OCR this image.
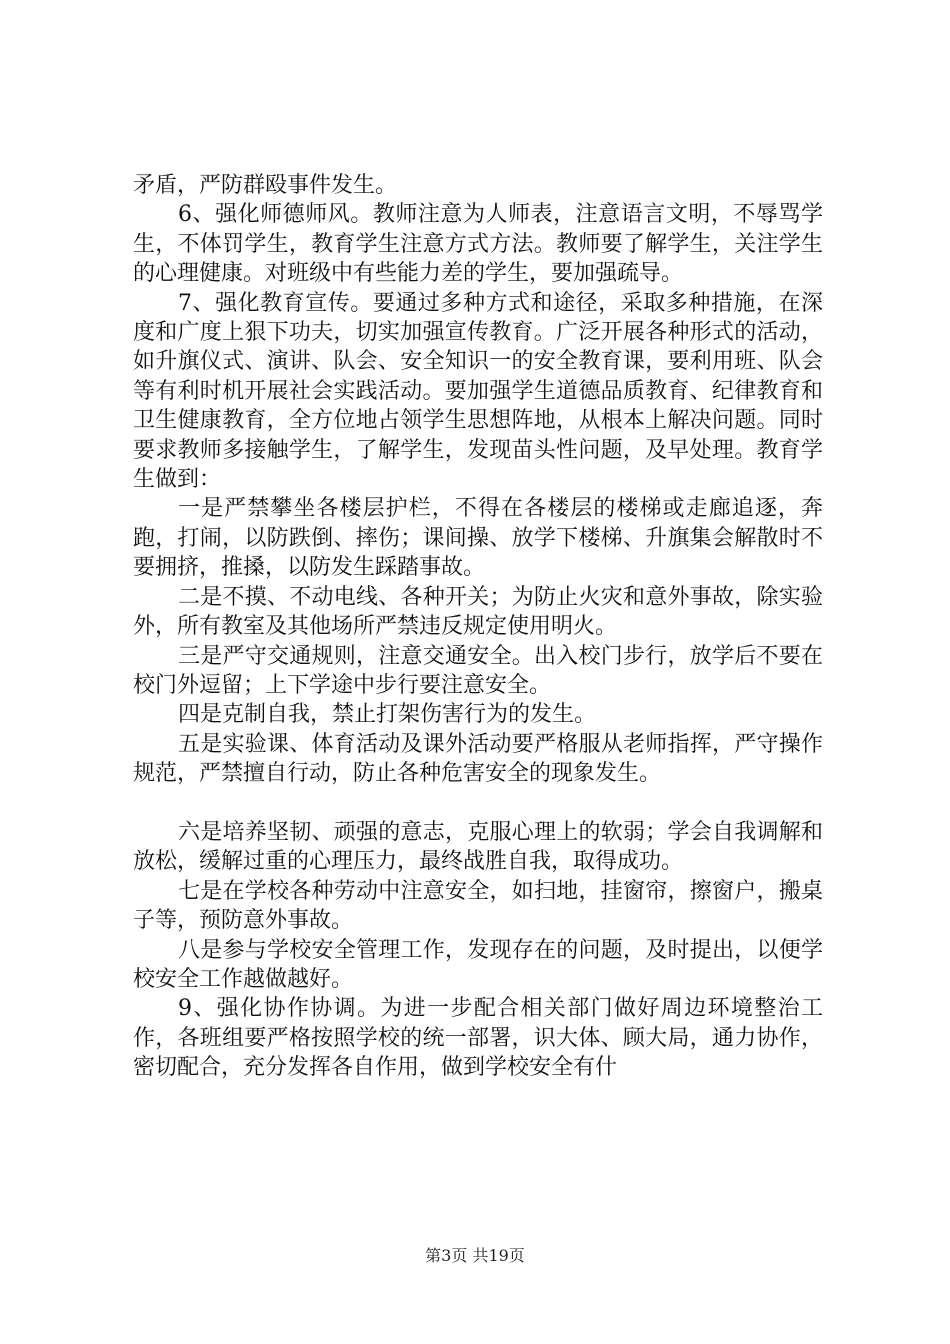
矛盾，严防群殴事件发生。

6、强化师德师风。教师注意为人师表，注意语言文明，不辱骂学生，不体罚学生，教育学生注意方式方法。教师要了解学生，关注学生的心理健康。对班级中有些能力差的学生，要加强疏导。

7、强化教育宣传。要通过多种方式和途径，采取多种措施，在深度和广度上狠下功夫，切实加强宣传教育。广泛开展各种形式的活动，如升旗仪式、演讲、队会、安全知识一的安全教育课，要利用班、队会等有利时机开展社会实践活动。要加强学生道德品质教育、纪律教育和卫生健康教育，全方位地占领学生思想阵地，从根本上解决问题。同时要求教师多接触学生，了解学生，发现苗头性问题，及早处理。教育学生做到：

一是严禁攀坐各楼层护栏，不得在各楼层的楼梯或走廊追逐，奔跑，打闹，以防跌倒、摔伤；课间操、放学下楼梯、升旗集会解散时不要拥挤，推搡，以防发生踩踏事故。

二是不摸、不动电线、各种开关；为防止火灾和意外事故，除实验外，所有教室及其他场所严禁违反规定使用明火。

三是严守交通规则，注意交通安全。出入校门步行，放学后不要在校门外逗留；上下学途中步行要注意安全。

四是克制自我，禁止打架伤害行为的发生。

五是实验课、体育活动及课外活动要严格服从老师指挥，严守操作规范，严禁擅自行动，防止各种危害安全的现象发生。

六是培养坚韧、顽强的意志，克服心理上的软弱；学会自我调解和放松，缓解过重的心理压力，最终战胜自我，取得成功。

七是在学校各种劳动中注意安全，如扫地，挂窗帘，擦窗户，搬桌子等，预防意外事故。

八是参与学校安全管理工作，发现存在的问题，及时提出，以便学校安全工作越做越好。

9、强化协作协调。为进一步配合相关部门做好周边环境整治工作，各班组要严格按照学校的统一部署，识大体、顾大局，通力协作，密切配合，充分发挥各自作用，做到学校安全有什

第3页 共19页
